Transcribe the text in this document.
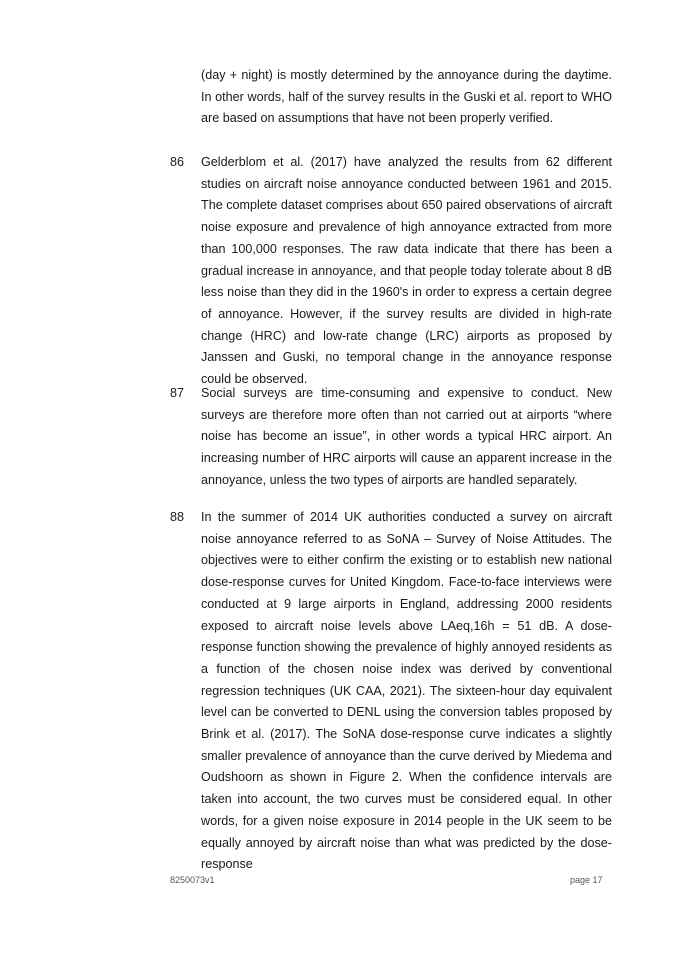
(day + night) is mostly determined by the annoyance during the daytime. In other words, half of the survey results in the Guski et al. report to WHO are based on assumptions that have not been properly verified.

86 Gelderblom et al. (2017) have analyzed the results from 62 different studies on aircraft noise annoyance conducted between 1961 and 2015. The complete dataset comprises about 650 paired observations of aircraft noise exposure and prevalence of high annoyance extracted from more than 100,000 responses. The raw data indicate that there has been a gradual increase in annoyance, and that people today tolerate about 8 dB less noise than they did in the 1960's in order to express a certain degree of annoyance. However, if the survey results are divided in high-rate change (HRC) and low-rate change (LRC) airports as proposed by Janssen and Guski, no temporal change in the annoyance response could be observed.

87 Social surveys are time-consuming and expensive to conduct. New surveys are therefore more often than not carried out at airports “where noise has become an issue”, in other words a typical HRC airport. An increasing number of HRC airports will cause an apparent increase in the annoyance, unless the two types of airports are handled separately.

88 In the summer of 2014 UK authorities conducted a survey on aircraft noise annoyance referred to as SoNA – Survey of Noise Attitudes. The objectives were to either confirm the existing or to establish new national dose-response curves for United Kingdom. Face-to-face interviews were conducted at 9 large airports in England, addressing 2000 residents exposed to aircraft noise levels above LAeq,16h = 51 dB. A dose-response function showing the prevalence of highly annoyed residents as a function of the chosen noise index was derived by conventional regression techniques (UK CAA, 2021). The sixteen-hour day equivalent level can be converted to DENL using the conversion tables proposed by Brink et al. (2017). The SoNA dose-response curve indicates a slightly smaller prevalence of annoyance than the curve derived by Miedema and Oudshoorn as shown in Figure 2. When the confidence intervals are taken into account, the two curves must be considered equal. In other words, for a given noise exposure in 2014 people in the UK seem to be equally annoyed by aircraft noise than what was predicted by the dose-response

8250073v1	page 17
